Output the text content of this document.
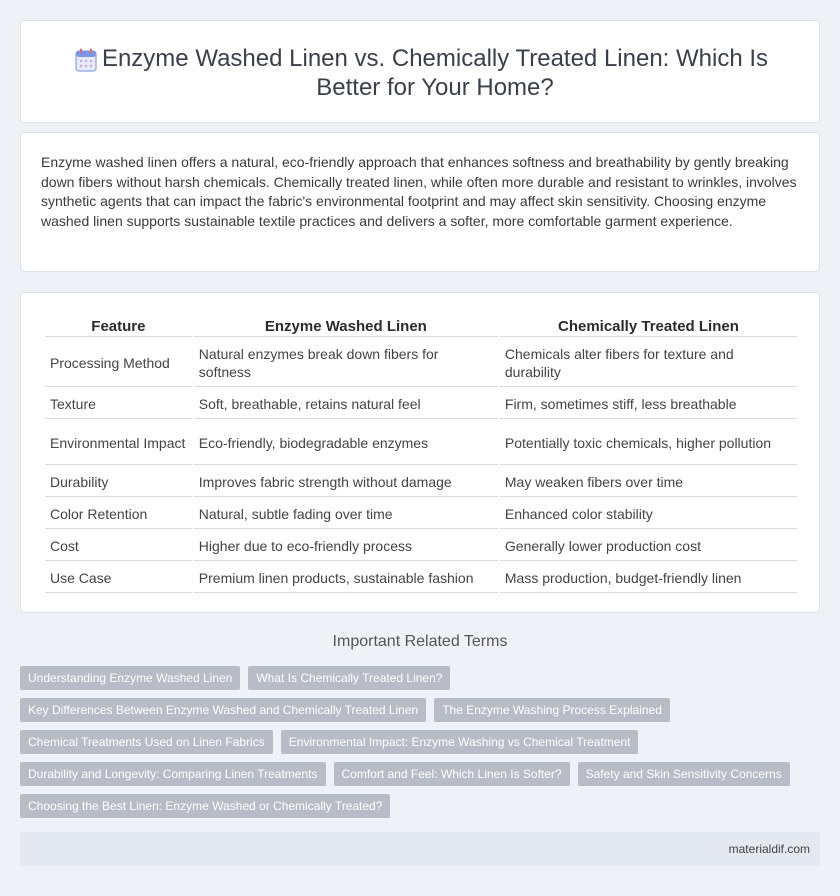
Enzyme Washed Linen vs. Chemically Treated Linen: Which Is Better for Your Home?

Enzyme washed linen offers a natural, eco-friendly approach that enhances softness and breathability by gently breaking down fibers without harsh chemicals. Chemically treated linen, while often more durable and resistant to wrinkles, involves synthetic agents that can impact the fabric's environmental footprint and may affect skin sensitivity. Choosing enzyme washed linen supports sustainable textile practices and delivers a softer, more comfortable garment experience.

Feature	Enzyme Washed Linen	Chemically Treated Linen
Processing Method	Natural enzymes break down fibers for softness	Chemicals alter fibers for texture and durability
Texture	Soft, breathable, retains natural feel	Firm, sometimes stiff, less breathable
Environmental Impact	Eco-friendly, biodegradable enzymes	Potentially toxic chemicals, higher pollution
Durability	Improves fabric strength without damage	May weaken fibers over time
Color Retention	Natural, subtle fading over time	Enhanced color stability
Cost	Higher due to eco-friendly process	Generally lower production cost
Use Case	Premium linen products, sustainable fashion	Mass production, budget-friendly linen
Important Related Terms
Understanding Enzyme Washed Linen	What Is Chemically Treated Linen?
Key Differences Between Enzyme Washed and Chemically Treated Linen	The Enzyme Washing Process Explained
Chemical Treatments Used on Linen Fabrics	Environmental Impact: Enzyme Washing vs Chemical Treatment
Durability and Longevity: Comparing Linen Treatments	Comfort and Feel: Which Linen Is Softer?	Safety and Skin Sensitivity Concerns
Choosing the Best Linen: Enzyme Washed or Chemically Treated?
materialdif.com
